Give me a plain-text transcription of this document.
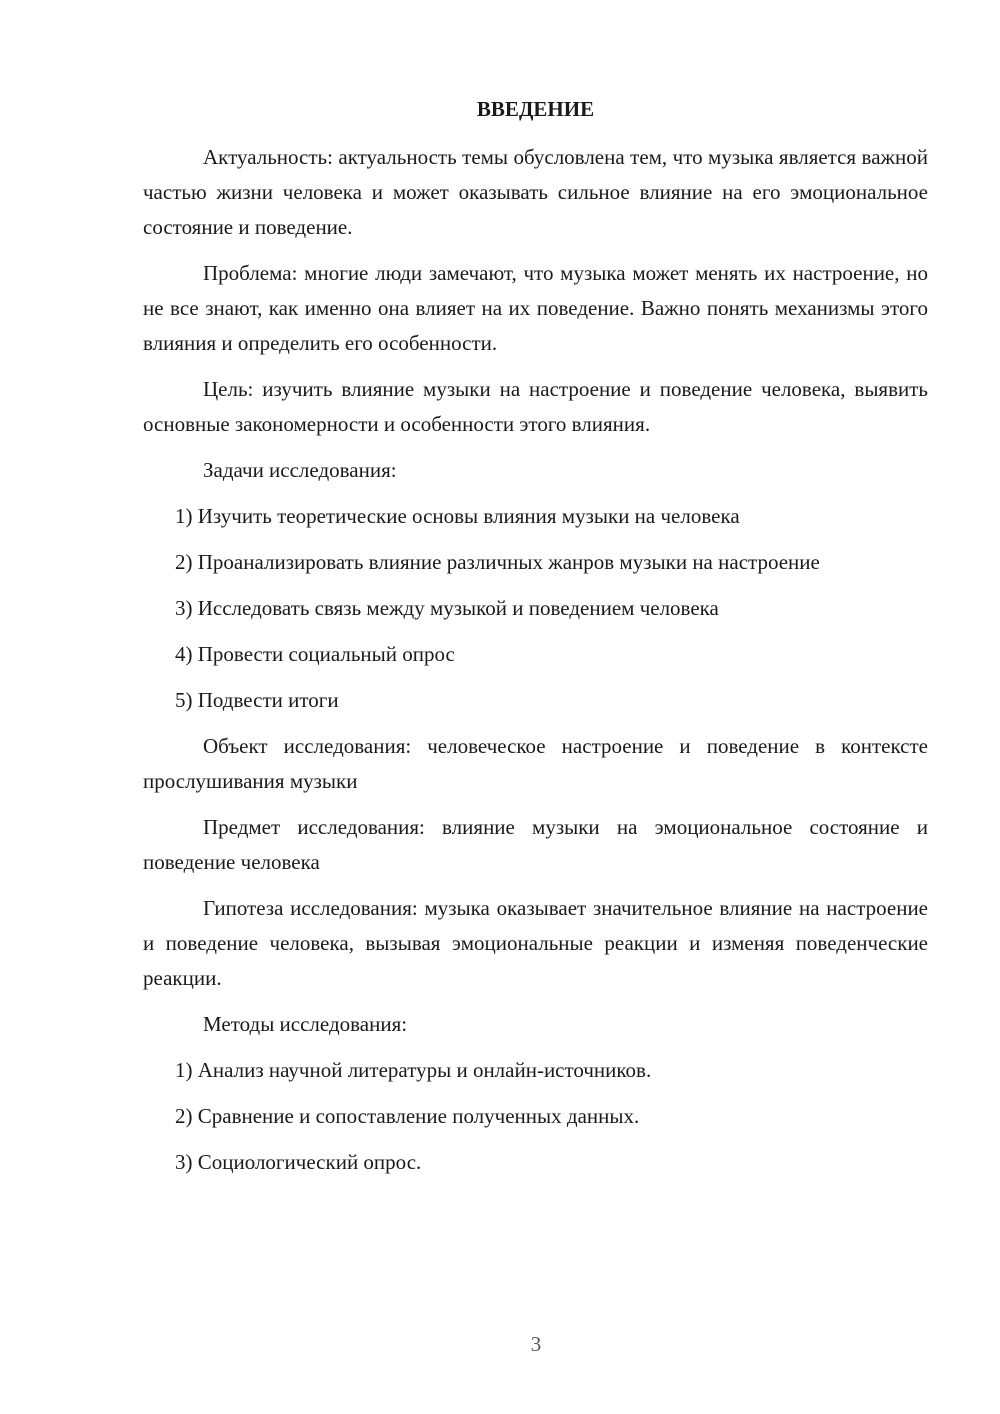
ВВЕДЕНИЕ

Актуальность: актуальность темы обусловлена тем, что музыка является важной частью жизни человека и может оказывать сильное влияние на его эмоциональное состояние и поведение.

Проблема: многие люди замечают, что музыка может менять их настроение, но не все знают, как именно она влияет на их поведение. Важно понять механизмы этого влияния и определить его особенности.

Цель: изучить влияние музыки на настроение и поведение человека, выявить основные закономерности и особенности этого влияния.

Задачи исследования:

1) Изучить теоретические основы влияния музыки на человека

2) Проанализировать влияние различных жанров музыки на настроение

3) Исследовать связь между музыкой и поведением человека

4) Провести социальный опрос

5) Подвести итоги

Объект исследования: человеческое настроение и поведение в контексте прослушивания музыки

Предмет исследования: влияние музыки на эмоциональное состояние и поведение человека

Гипотеза исследования: музыка оказывает значительное влияние на настроение и поведение человека, вызывая эмоциональные реакции и изменяя поведенческие реакции.

Методы исследования:

1) Анализ научной литературы и онлайн-источников.

2) Сравнение и сопоставление полученных данных.

3) Социологический опрос.

3
